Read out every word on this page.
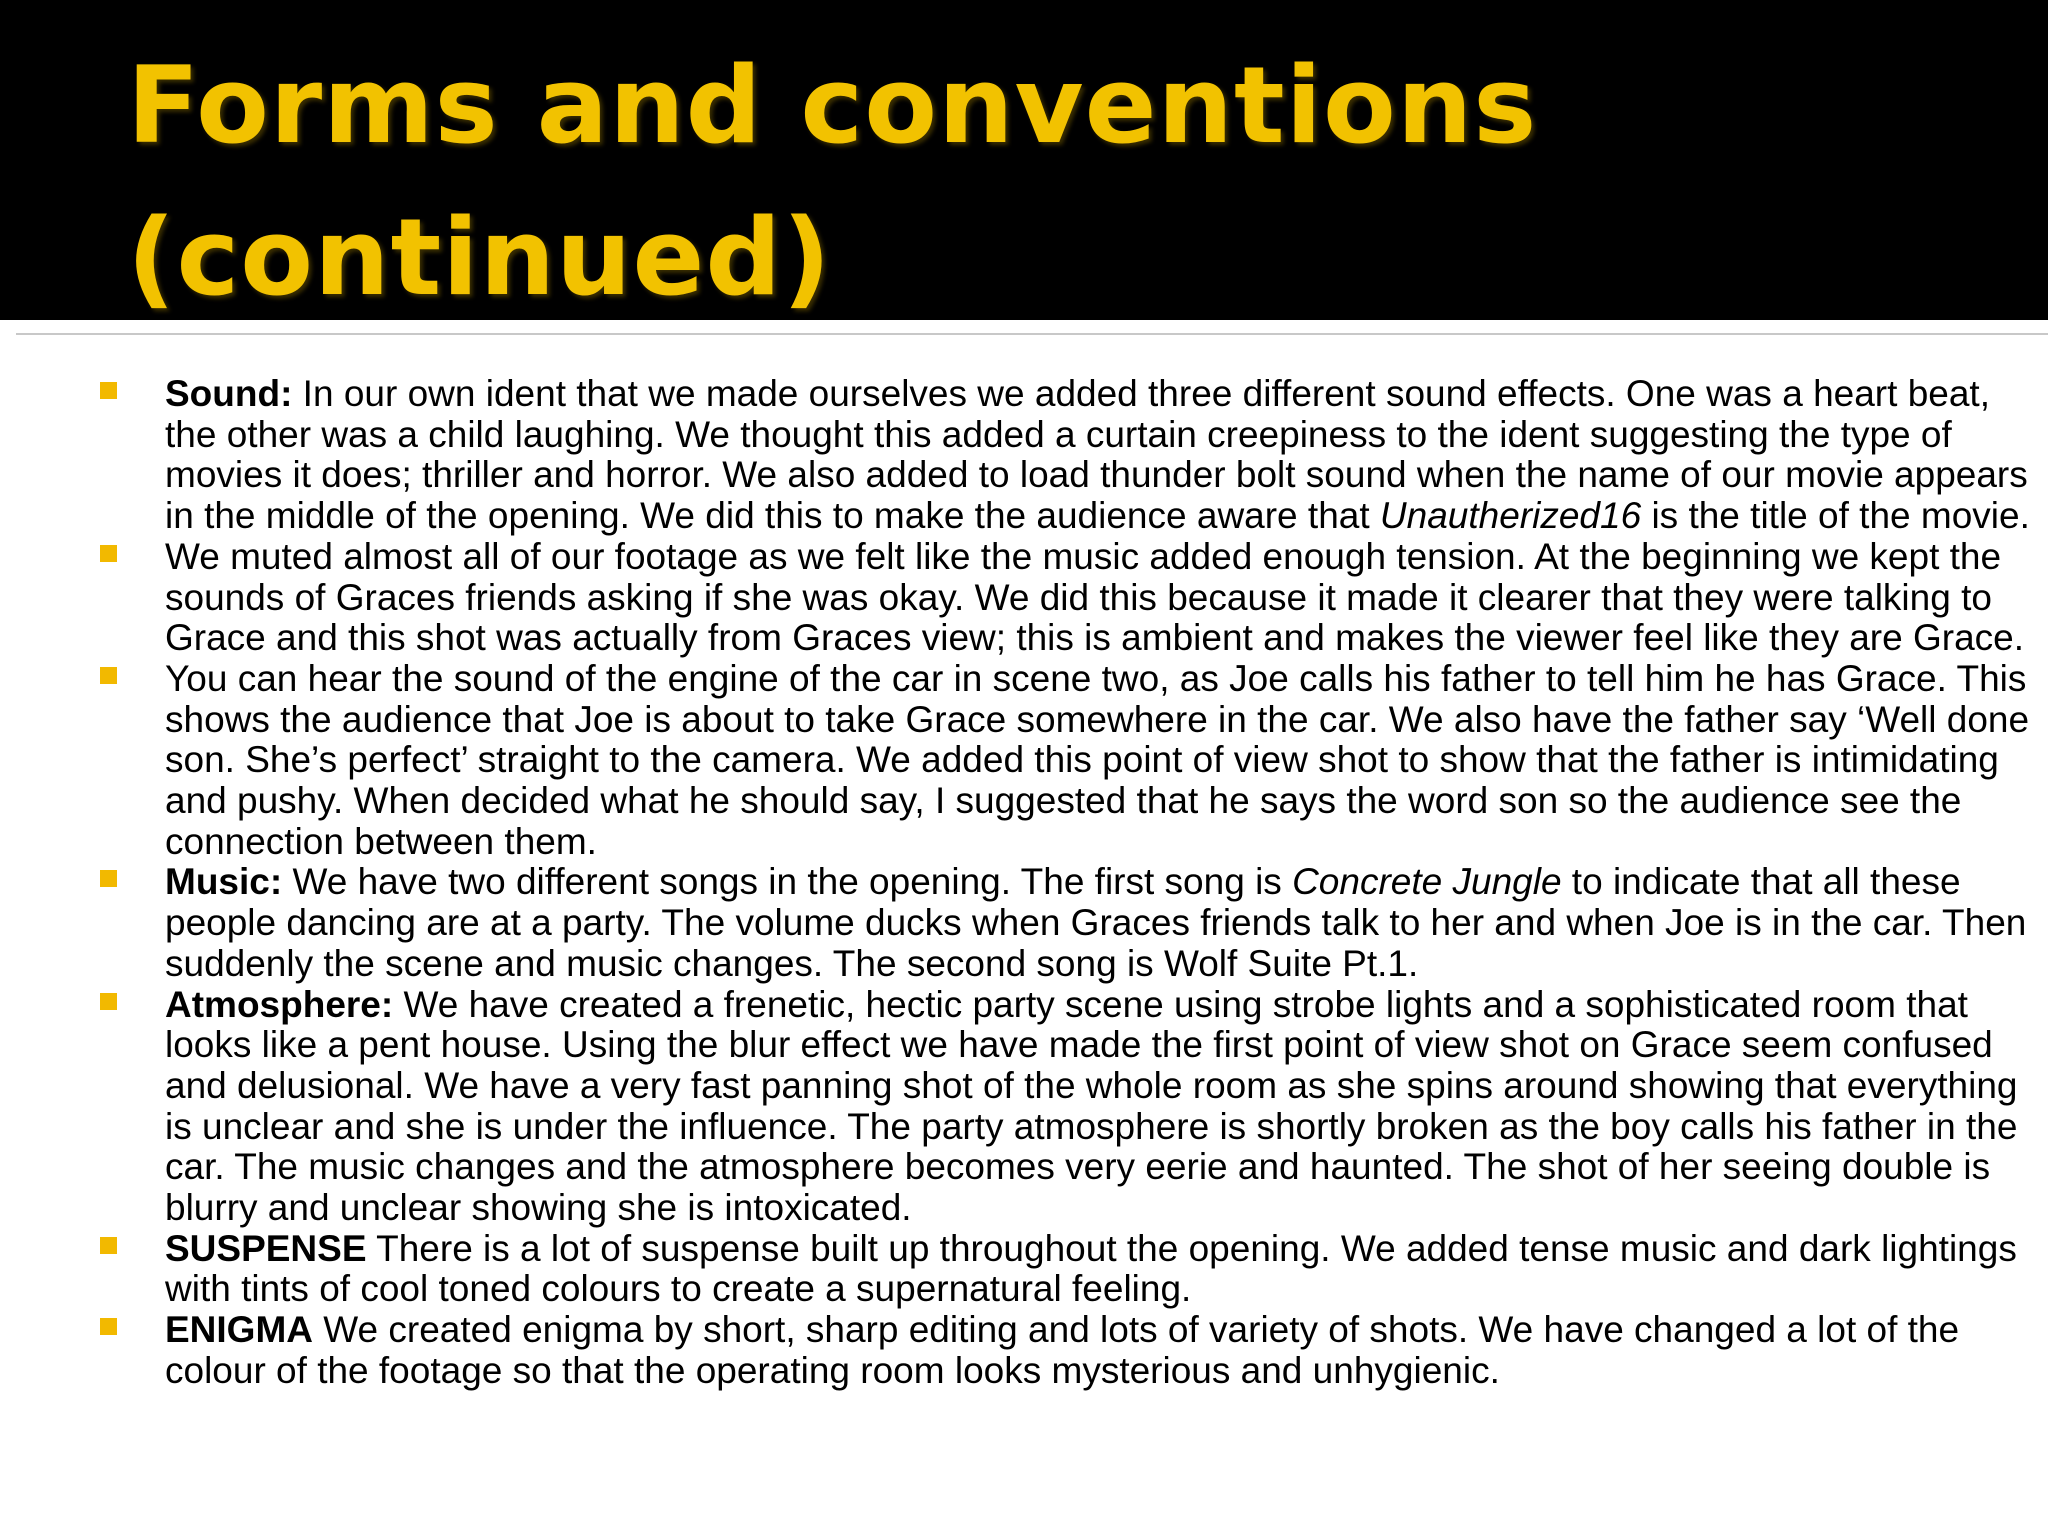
Forms and conventions
(continued)
Sound: In our own ident that we made ourselves we added three different sound effects. One was a heart beat, the other was a child laughing. We thought this added a curtain creepiness to the ident suggesting the type of movies it does; thriller and horror. We also added to load thunder bolt sound when the name of our movie appears in the middle of the opening. We did this to make the audience aware that Unautherized16 is the title of the movie.
We muted almost all of our footage as we felt like the music added enough tension. At the beginning we kept the sounds of Graces friends asking if she was okay. We did this because it made it clearer that they were talking to Grace and this shot was actually from Graces view; this is ambient and makes the viewer feel like they are Grace.
You can hear the sound of the engine of the car in scene two, as Joe calls his father to tell him he has Grace. This shows the audience that Joe is about to take Grace somewhere in the car. We also have the father say ‘Well done son. She’s perfect’ straight to the camera. We added this point of view shot to show that the father is intimidating and pushy. When decided what he should say, I suggested that he says the word son so the audience see the connection between them.
Music: We have two different songs in the opening. The first song is Concrete Jungle to indicate that all these people dancing are at a party. The volume ducks when Graces friends talk to her and when Joe is in the car. Then suddenly the scene and music changes. The second song is Wolf Suite Pt.1.
Atmosphere: We have created a frenetic, hectic party scene using strobe lights and a sophisticated room that looks like a pent house. Using the blur effect we have made the first point of view shot on Grace seem confused and delusional. We have a very fast panning shot of the whole room as she spins around showing that everything is unclear and she is under the influence. The party atmosphere is shortly broken as the boy calls his father in the car. The music changes and the atmosphere becomes very eerie and haunted. The shot of her seeing double is blurry and unclear showing she is intoxicated.
SUSPENSE There is a lot of suspense built up throughout the opening. We added tense music and dark lightings with tints of cool toned colours to create a supernatural feeling.
ENIGMA We created enigma by short, sharp editing and lots of variety of shots. We have changed a lot of the colour of the footage so that the operating room looks mysterious and unhygienic.
